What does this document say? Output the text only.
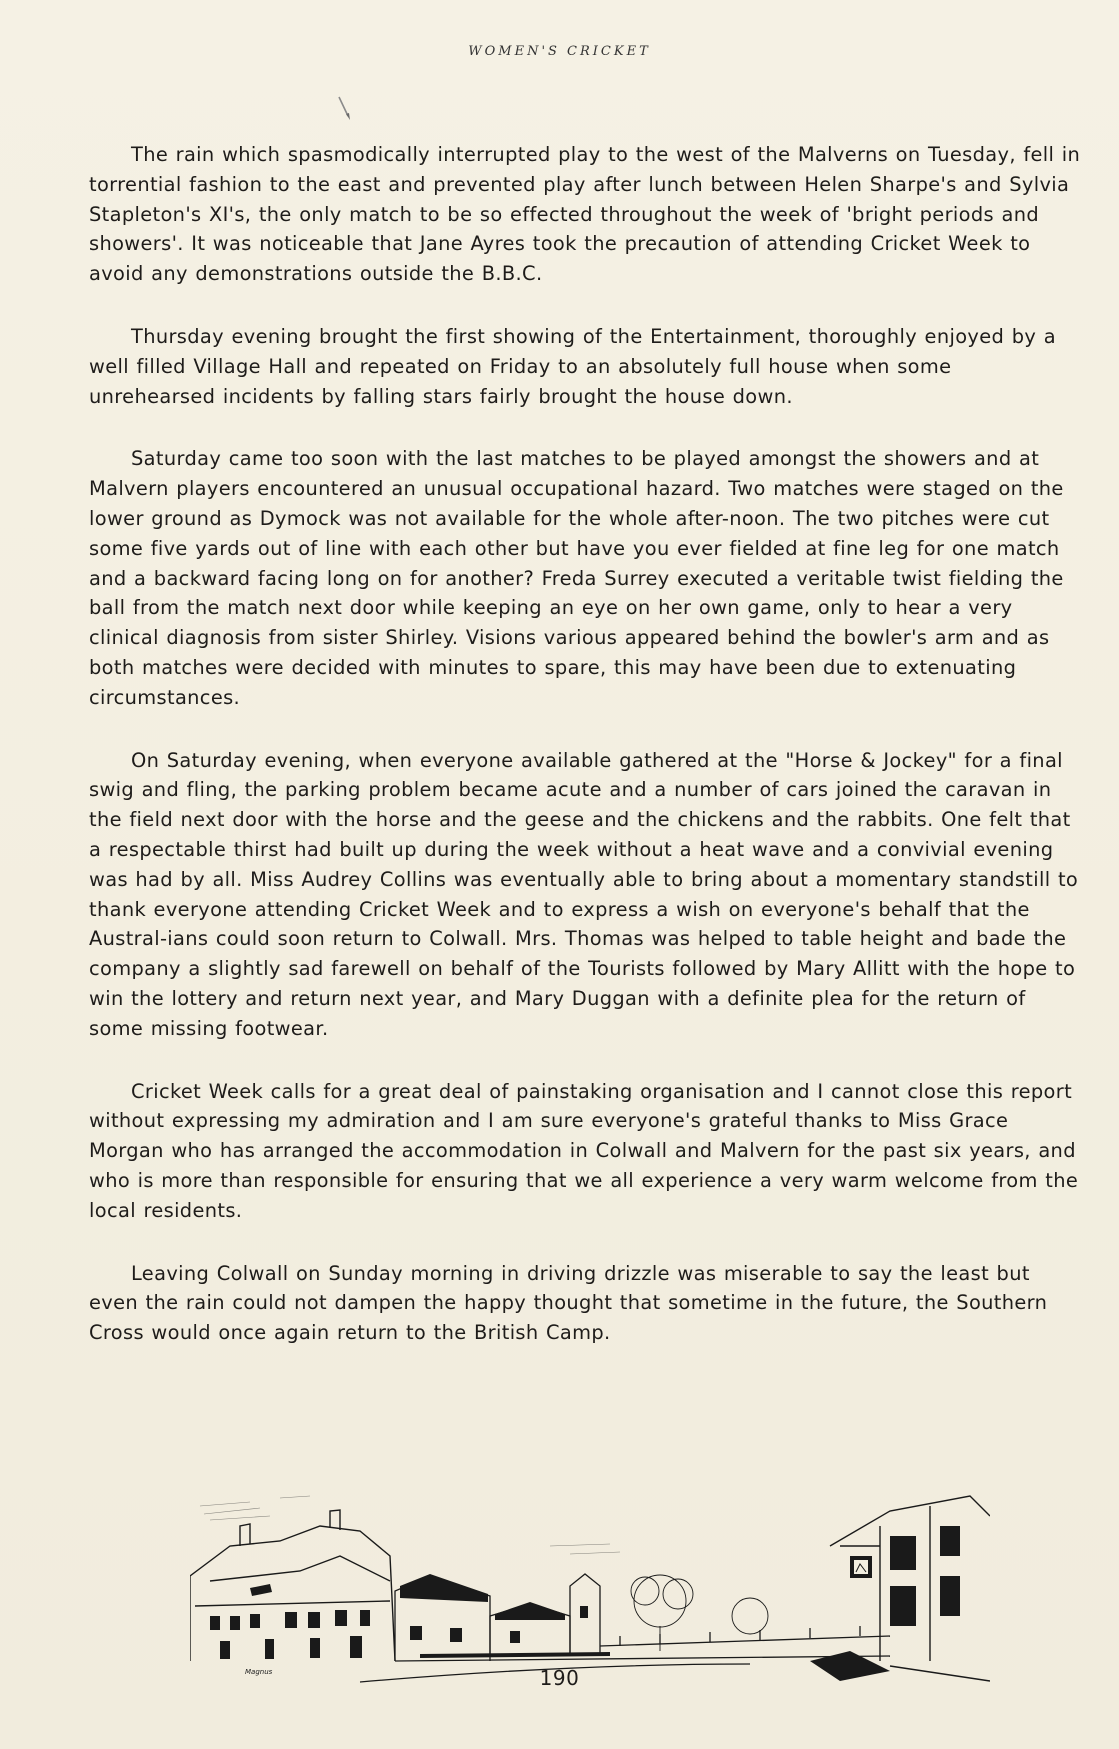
WOMEN'S CRICKET

The rain which spasmodically interrupted play to the west of the Malverns on Tuesday, fell in torrential fashion to the east and prevented play after lunch between Helen Sharpe's and Sylvia Stapleton's XI's, the only match to be so effected throughout the week of 'bright periods and showers'. It was noticeable that Jane Ayres took the precaution of attending Cricket Week to avoid any demonstrations outside the B.B.C.

Thursday evening brought the first showing of the Entertainment, thoroughly enjoyed by a well filled Village Hall and repeated on Friday to an absolutely full house when some unrehearsed incidents by falling stars fairly brought the house down.

Saturday came too soon with the last matches to be played amongst the showers and at Malvern players encountered an unusual occupational hazard. Two matches were staged on the lower ground as Dymock was not available for the whole after-noon. The two pitches were cut some five yards out of line with each other but have you ever fielded at fine leg for one match and a backward facing long on for another? Freda Surrey executed a veritable twist fielding the ball from the match next door while keeping an eye on her own game, only to hear a very clinical diagnosis from sister Shirley. Visions various appeared behind the bowler's arm and as both matches were decided with minutes to spare, this may have been due to extenuating circumstances.

On Saturday evening, when everyone available gathered at the "Horse & Jockey" for a final swig and fling, the parking problem became acute and a number of cars joined the caravan in the field next door with the horse and the geese and the chickens and the rabbits. One felt that a respectable thirst had built up during the week without a heat wave and a convivial evening was had by all. Miss Audrey Collins was eventually able to bring about a momentary standstill to thank everyone attending Cricket Week and to express a wish on everyone's behalf that the Austral-ians could soon return to Colwall. Mrs. Thomas was helped to table height and bade the company a slightly sad farewell on behalf of the Tourists followed by Mary Allitt with the hope to win the lottery and return next year, and Mary Duggan with a definite plea for the return of some missing footwear.

Cricket Week calls for a great deal of painstaking organisation and I cannot close this report without expressing my admiration and I am sure everyone's grateful thanks to Miss Grace Morgan who has arranged the accommodation in Colwall and Malvern for the past six years, and who is more than responsible for ensuring that we all experience a very warm welcome from the local residents.

Leaving Colwall on Sunday morning in driving drizzle was miserable to say the least but even the rain could not dampen the happy thought that sometime in the future, the Southern Cross would once again return to the British Camp.

Magnus	190
